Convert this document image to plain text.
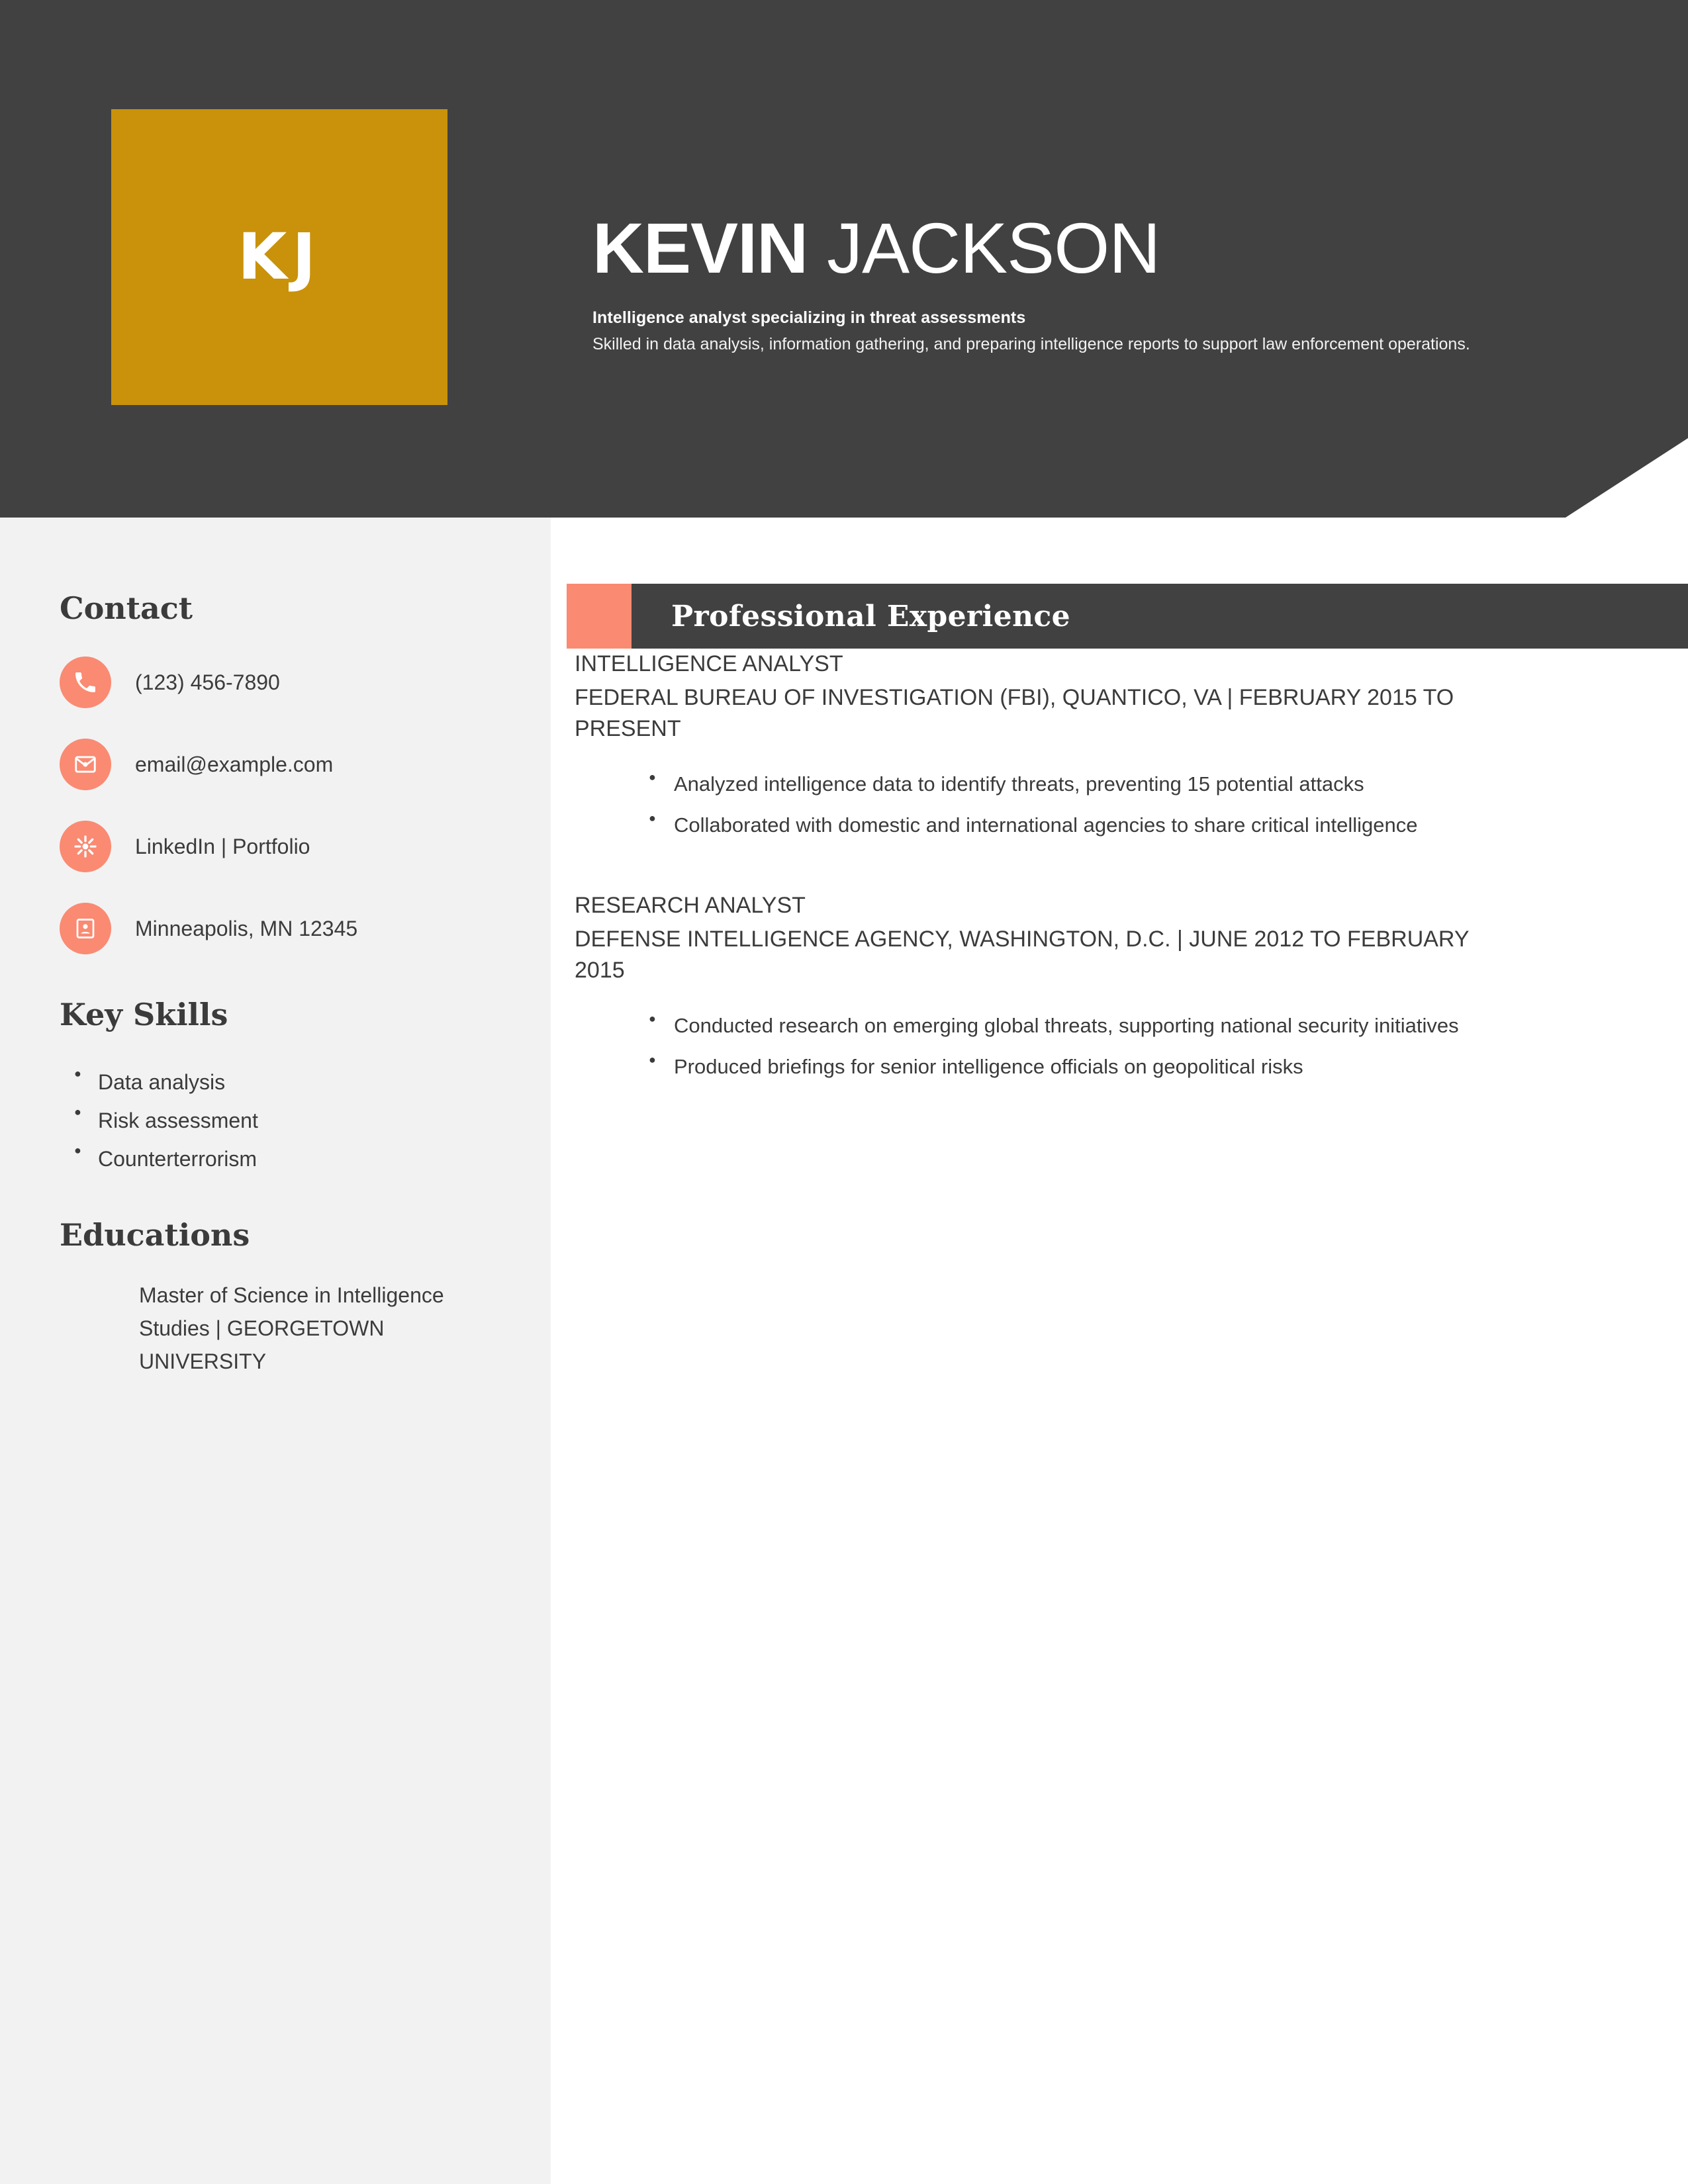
KJ	KEVIN JACKSON
Intelligence analyst specializing in threat assessments
Skilled in data analysis, information gathering, and preparing intelligence reports to support law enforcement operations.
Contact
(123) 456-7890
email@example.com
LinkedIn | Portfolio
Minneapolis, MN 12345
Key Skills
● Data analysis
● Risk assessment
● Counterterrorism
Educations
Master of Science in Intelligence Studies | GEORGETOWN UNIVERSITY
Professional Experience
INTELLIGENCE ANALYST
FEDERAL BUREAU OF INVESTIGATION (FBI), QUANTICO, VA | FEBRUARY 2015 TO PRESENT
● Analyzed intelligence data to identify threats, preventing 15 potential attacks
● Collaborated with domestic and international agencies to share critical intelligence
RESEARCH ANALYST
DEFENSE INTELLIGENCE AGENCY, WASHINGTON, D.C. | JUNE 2012 TO FEBRUARY 2015
● Conducted research on emerging global threats, supporting national security initiatives
● Produced briefings for senior intelligence officials on geopolitical risks
